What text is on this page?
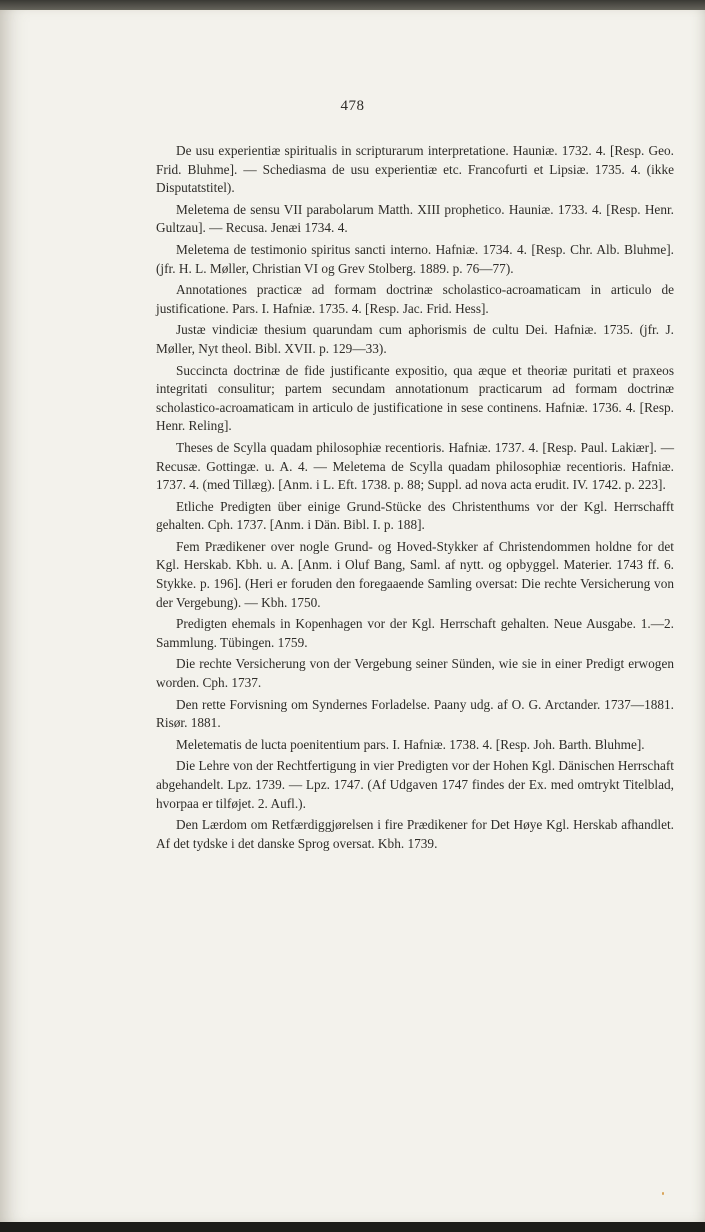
478

De usu experientiæ spiritualis in scripturarum interpretatione. Hauniæ. 1732. 4. [Resp. Geo. Frid. Bluhme]. — Schediasma de usu experientiæ etc. Francofurti et Lipsiæ. 1735. 4. (ikke Disputatstitel).

Meletema de sensu VII parabolarum Matth. XIII prophetico. Hauniæ. 1733. 4. [Resp. Henr. Gultzau]. — Recusa. Jenæi 1734. 4.

Meletema de testimonio spiritus sancti interno. Hafniæ. 1734. 4. [Resp. Chr. Alb. Bluhme]. (jfr. H. L. Møller, Christian VI og Grev Stolberg. 1889. p. 76—77).

Annotationes practicæ ad formam doctrinæ scholastico-acroamaticam in articulo de justificatione. Pars. I. Hafniæ. 1735. 4. [Resp. Jac. Frid. Hess].

Justæ vindiciæ thesium quarundam cum aphorismis de cultu Dei. Hafniæ. 1735. (jfr. J. Møller, Nyt theol. Bibl. XVII. p. 129—33).

Succincta doctrinæ de fide justificante expositio, qua æque et theoriæ puritati et praxeos integritati consulitur; partem secundam annotationum practicarum ad formam doctrinæ scholastico-acroamaticam in articulo de justificatione in sese continens. Hafniæ. 1736. 4. [Resp. Henr. Reling].

Theses de Scylla quadam philosophiæ recentioris. Hafniæ. 1737. 4. [Resp. Paul. Lakiær]. — Recusæ. Gottingæ. u. A. 4. — Meletema de Scylla quadam philosophiæ recentioris. Hafniæ. 1737. 4. (med Tillæg). [Anm. i L. Eft. 1738. p. 88; Suppl. ad nova acta erudit. IV. 1742. p. 223].

Etliche Predigten über einige Grund-Stücke des Christenthums vor der Kgl. Herrschafft gehalten. Cph. 1737. [Anm. i Dän. Bibl. I. p. 188].

Fem Prædikener over nogle Grund- og Hoved-Stykker af Christendommen holdne for det Kgl. Herskab. Kbh. u. A. [Anm. i Oluf Bang, Saml. af nytt. og opbyggel. Materier. 1743 ff. 6. Stykke. p. 196]. (Heri er foruden den foregaaende Samling oversat: Die rechte Versicherung von der Vergebung). — Kbh. 1750.

Predigten ehemals in Kopenhagen vor der Kgl. Herrschaft gehalten. Neue Ausgabe. 1.—2. Sammlung. Tübingen. 1759.

Die rechte Versicherung von der Vergebung seiner Sünden, wie sie in einer Predigt erwogen worden. Cph. 1737.

Den rette Forvisning om Syndernes Forladelse. Paany udg. af O. G. Arctander. 1737—1881. Risør. 1881.

Meletematis de lucta poenitentium pars. I. Hafniæ. 1738. 4. [Resp. Joh. Barth. Bluhme].

Die Lehre von der Rechtfertigung in vier Predigten vor der Hohen Kgl. Dänischen Herrschaft abgehandelt. Lpz. 1739. — Lpz. 1747. (Af Udgaven 1747 findes der Ex. med omtrykt Titelblad, hvorpaa er tilføjet. 2. Aufl.).

Den Lærdom om Retfærdiggjørelsen i fire Prædikener for Det Høye Kgl. Herskab afhandlet. Af det tydske i det danske Sprog oversat. Kbh. 1739.
